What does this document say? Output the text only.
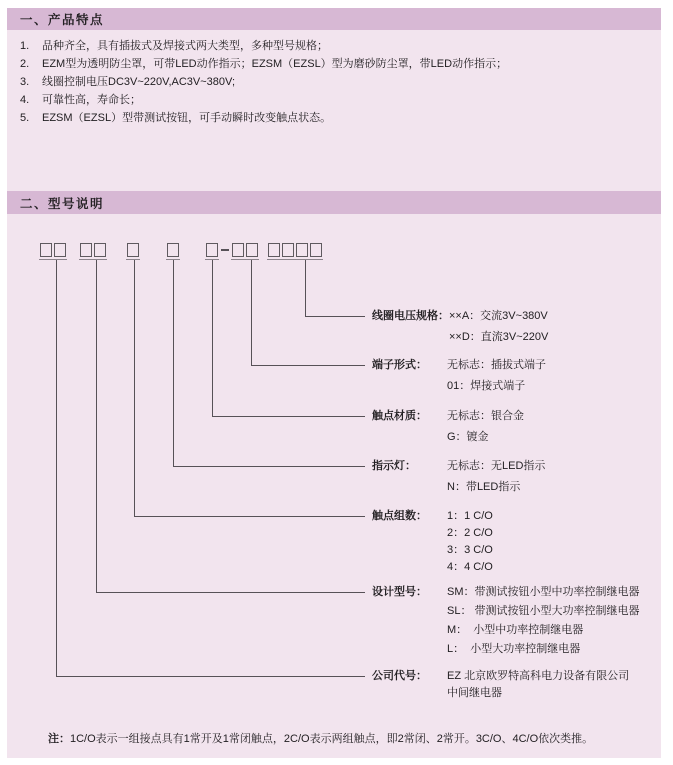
一、产品特点
1. 品种齐全，具有插拔式及焊接式两大类型，多种型号规格；
2. EZM型为透明防尘罩，可带LED动作指示；EZSM（EZSL）型为磨砂防尘罩，带LED动作指示；
3. 线圈控制电压DC3V~220V,AC3V~380V;
4. 可靠性高，寿命长；
5. EZSM（EZSL）型带测试按钮，可手动瞬时改变触点状态。
二、型号说明
线圈电压规格： ××A：交流3V~380V
××D：直流3V~220V
端子形式：	无标志：插拔式端子
01：焊接式端子
触点材质：	无标志：银合金
G：镀金
指示灯：	无标志：无LED指示
N：带LED指示
触点组数：	1：1 C/O
2：2 C/O
3：3 C/O
4：4 C/O
设计型号：	SM：带测试按钮小型中功率控制继电器
SL： 带测试按钮小型大功率控制继电器
M：  小型中功率控制继电器
L：  小型大功率控制继电器
公司代号：	EZ 北京欧罗特高科电力设备有限公司
中间继电器
注：1C/O表示一组接点具有1常开及1常闭触点，2C/O表示两组触点，即2常闭、2常开。3C/O、4C/O依次类推。
